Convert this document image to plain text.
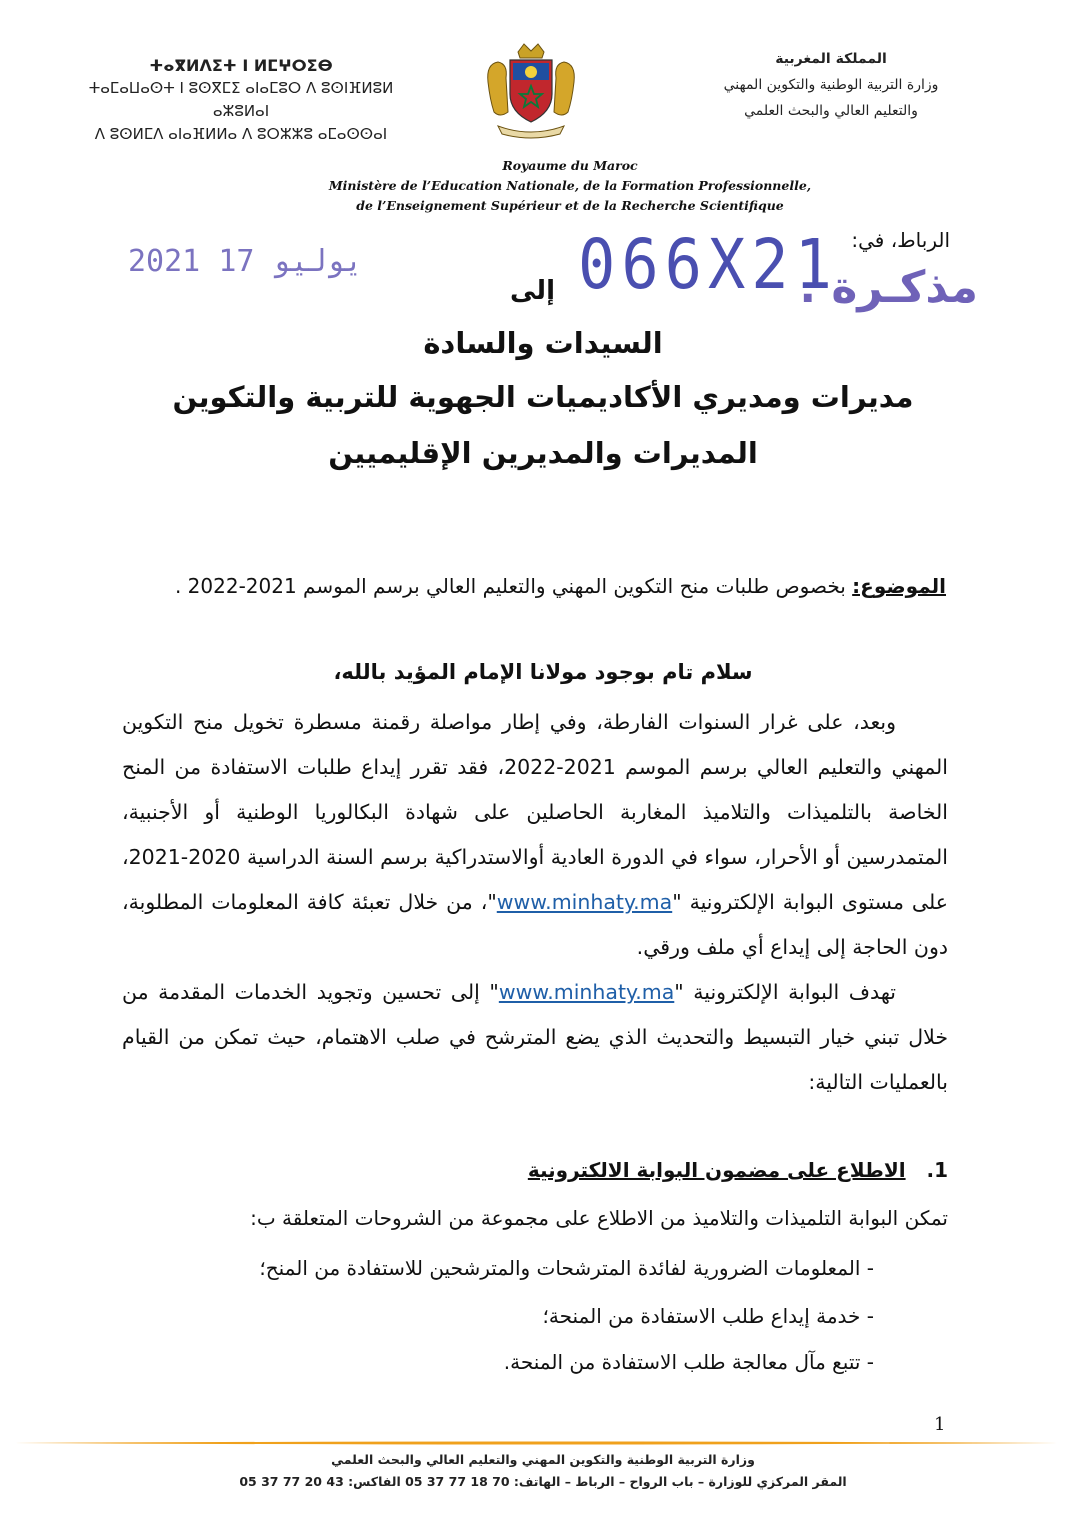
ⵜⴰⴳⵍⴷⵉⵜ ⵏ ⵍⵎⵖⵔⵉⴱ
ⵜⴰⵎⴰⵡⴰⵙⵜ ⵏ ⵓⵙⴳⵎⵉ ⴰⵏⴰⵎⵓⵔ ⴷ ⵓⵙⵏⴼⵍⵓⵍ ⴰⵣⵓⵍⴰⵏ
ⴷ ⵓⵙⵍⵎⴷ ⴰⵏⴰⴼⵍⵍⴰ ⴷ ⵓⵔⵣⵣⵓ ⴰⵎⴰⵙⵙⴰⵏ
المملكة المغربية
وزارة التربية الوطنية والتكوين المهني
والتعليم العالي والبحث العلمي
Royaume du Maroc
Ministère de l’Education Nationale, de la Formation Professionnelle,
de l’Enseignement Supérieur et de la Recherche Scientifique
الرباط، في:
مذكـرة .
066X21
2021 يوليو 17
إلى
السيدات والسادة
مديرات ومديري الأكاديميات الجهوية للتربية والتكوين
المديرات والمديرين الإقليميين
الموضوع: بخصوص طلبات منح التكوين المهني والتعليم العالي برسم الموسم 2021-2022 .
سلام تام بوجود مولانا الإمام المؤيد بالله،
وبعد، على غرار السنوات الفارطة، وفي إطار مواصلة رقمنة مسطرة تخويل منح التكوين المهني والتعليم العالي برسم الموسم 2021-2022، فقد تقرر إيداع طلبات الاستفادة من المنح الخاصة بالتلميذات والتلاميذ المغاربة الحاصلين على شهادة البكالوريا الوطنية أو الأجنبية، المتمدرسين أو الأحرار، سواء في الدورة العادية أوالاستدراكية برسم السنة الدراسية 2020-2021، على مستوى البوابة الإلكترونية "www.minhaty.ma"، من خلال تعبئة كافة المعلومات المطلوبة، دون الحاجة إلى إيداع أي ملف ورقي.
تهدف البوابة الإلكترونية "www.minhaty.ma" إلى تحسين وتجويد الخدمات المقدمة من خلال تبني خيار التبسيط والتحديث الذي يضع المترشح في صلب الاهتمام، حيث تمكن من القيام بالعمليات التالية:
1.   الاطلاع على مضمون البوابة الالكترونية
تمكن البوابة التلميذات والتلاميذ من الاطلاع على مجموعة من الشروحات المتعلقة ب:
- المعلومات الضرورية لفائدة المترشحات والمترشحين للاستفادة من المنح؛
- خدمة إيداع طلب الاستفادة من المنحة؛
- تتبع مآل معالجة طلب الاستفادة من المنحة.
1
وزارة التربية الوطنية والتكوين المهني والتعليم العالي والبحث العلمي
المقر المركزي للوزارة – باب الرواح – الرباط – الهاتف: 70 18 77 37 05 الفاكس: 43 20 77 37 05
